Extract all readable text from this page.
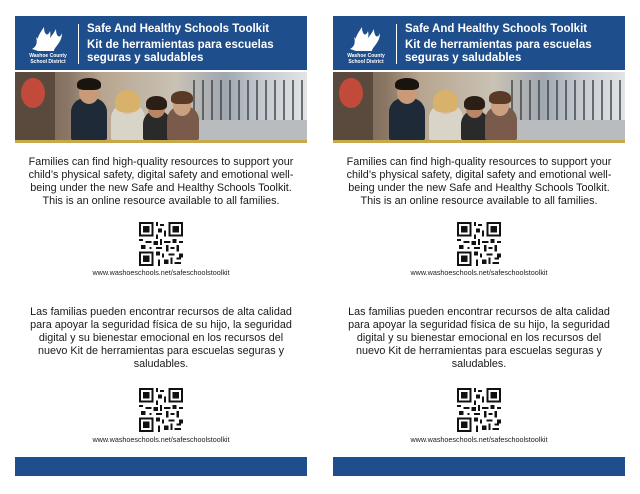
Washoe County
School District
Safe And Healthy Schools Toolkit
Kit de herramientas para escuelas seguras y saludables
Families can find high-quality resources to support your child’s physical safety, digital safety and emotional well-being under the new Safe and Healthy Schools Toolkit. This is an online resource available to all families.
www.washoeschools.net/safeschoolstoolkit
Las familias pueden encontrar recursos de alta calidad para apoyar la seguridad física de su hijo, la seguridad digital y su bienestar emocional en los recursos del nuevo Kit de herramientas para escuelas seguras y saludables.
www.washoeschools.net/safeschoolstoolkit
Washoe County
School District
Safe And Healthy Schools Toolkit
Kit de herramientas para escuelas seguras y saludables
Families can find high-quality resources to support your child’s physical safety, digital safety and emotional well-being under the new Safe and Healthy Schools Toolkit. This is an online resource available to all families.
www.washoeschools.net/safeschoolstoolkit
Las familias pueden encontrar recursos de alta calidad para apoyar la seguridad física de su hijo, la seguridad digital y su bienestar emocional en los recursos del nuevo Kit de herramientas para escuelas seguras y saludables.
www.washoeschools.net/safeschoolstoolkit
